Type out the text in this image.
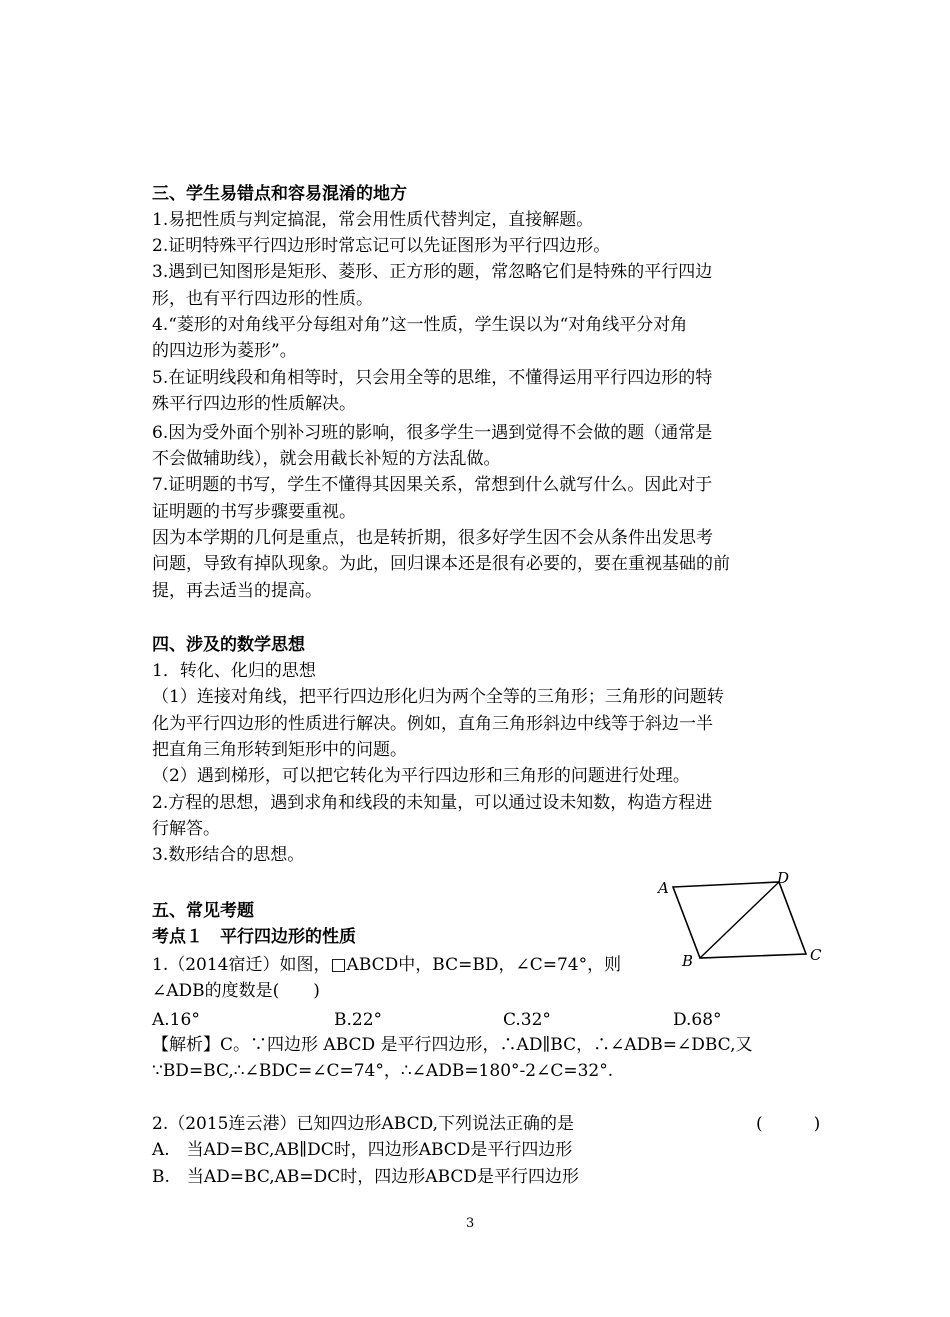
三、学生易错点和容易混淆的地方
1.易把性质与判定搞混，常会用性质代替判定，直接解题。
2.证明特殊平行四边形时常忘记可以先证图形为平行四边形。
3.遇到已知图形是矩形、菱形、正方形的题，常忽略它们是特殊的平行四边
形，也有平行四边形的性质。
4.“菱形的对角线平分每组对角”这一性质，学生误以为“对角线平分对角
的四边形为菱形”。
5.在证明线段和角相等时，只会用全等的思维，不懂得运用平行四边形的特
殊平行四边形的性质解决。
6.因为受外面个别补习班的影响，很多学生一遇到觉得不会做的题（通常是
不会做辅助线），就会用截长补短的方法乱做。
7.证明题的书写，学生不懂得其因果关系，常想到什么就写什么。因此对于
证明题的书写步骤要重视。
因为本学期的几何是重点，也是转折期，很多好学生因不会从条件出发思考
问题，导致有掉队现象。为此，回归课本还是很有必要的，要在重视基础的前
提，再去适当的提高。
四、涉及的数学思想
1．转化、化归的思想
（1）连接对角线，把平行四边形化归为两个全等的三角形；三角形的问题转
化为平行四边形的性质进行解决。例如，直角三角形斜边中线等于斜边一半
把直角三角形转到矩形中的问题。
（2）遇到梯形，可以把它转化为平行四边形和三角形的问题进行处理。
2.方程的思想，遇到求角和线段的未知量，可以通过设未知数，构造方程进
行解答。
3.数形结合的思想。
五、常见考题
考点１　平行四边形的性质
1.（2014宿迁）如图，□ABCD中，BC=BD，∠C=74°，则
∠ADB的度数是(　　)
A.16°	B.22°	C.32°	D.68°
【解析】C。∵四边形 ABCD 是平行四边形，∴AD∥BC，∴∠ADB=∠DBC,又
∵BD=BC,∴∠BDC=∠C=74°，∴∠ADB=180°-2∠C=32°.
2.（2015连云港）已知四边形ABCD,下列说法正确的是	(　　　)
A.　当AD=BC,AB∥DC时，四边形ABCD是平行四边形
B.　当AD=BC,AB=DC时，四边形ABCD是平行四边形
A
D
B	C
3
